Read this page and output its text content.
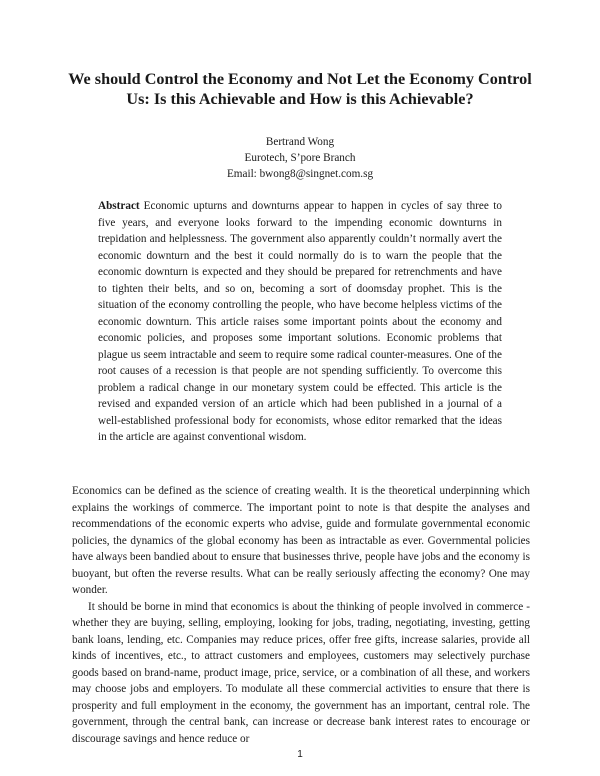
We should Control the Economy and Not Let the Economy Control
Us: Is this Achievable and How is this Achievable?
Bertrand Wong
Eurotech, S’pore Branch
Email: bwong8@singnet.com.sg
Abstract Economic upturns and downturns appear to happen in cycles of say three to five years, and everyone looks forward to the impending economic downturns in trepidation and helplessness. The government also apparently couldn’t normally avert the economic downturn and the best it could normally do is to warn the people that the economic downturn is expected and they should be prepared for retrenchments and have to tighten their belts, and so on, becoming a sort of doomsday prophet. This is the situation of the economy controlling the people, who have become helpless victims of the economic downturn. This article raises some important points about the economy and economic policies, and proposes some important solutions. Economic problems that plague us seem intractable and seem to require some radical counter-measures. One of the root causes of a recession is that people are not spending sufficiently. To overcome this problem a radical change in our monetary system could be effected. This article is the revised and expanded version of an article which had been published in a journal of a well-established professional body for economists, whose editor remarked that the ideas in the article are against conventional wisdom.

Economics can be defined as the science of creating wealth. It is the theoretical underpinning which explains the workings of commerce. The important point to note is that despite the analyses and recommendations of the economic experts who advise, guide and formulate governmental economic policies, the dynamics of the global economy has been as intractable as ever. Governmental policies have always been bandied about to ensure that businesses thrive, people have jobs and the economy is buoyant, but often the reverse results. What can be really seriously affecting the economy? One may wonder.

It should be borne in mind that economics is about the thinking of people involved in commerce - whether they are buying, selling, employing, looking for jobs, trading, negotiating, investing, getting bank loans, lending, etc. Companies may reduce prices, offer free gifts, increase salaries, provide all kinds of incentives, etc., to attract customers and employees, customers may selectively purchase goods based on brand-name, product image, price, service, or a combination of all these, and workers may choose jobs and employers. To modulate all these commercial activities to ensure that there is prosperity and full employment in the economy, the government has an important, central role. The government, through the central bank, can increase or decrease bank interest rates to encourage or discourage savings and hence reduce or

1
